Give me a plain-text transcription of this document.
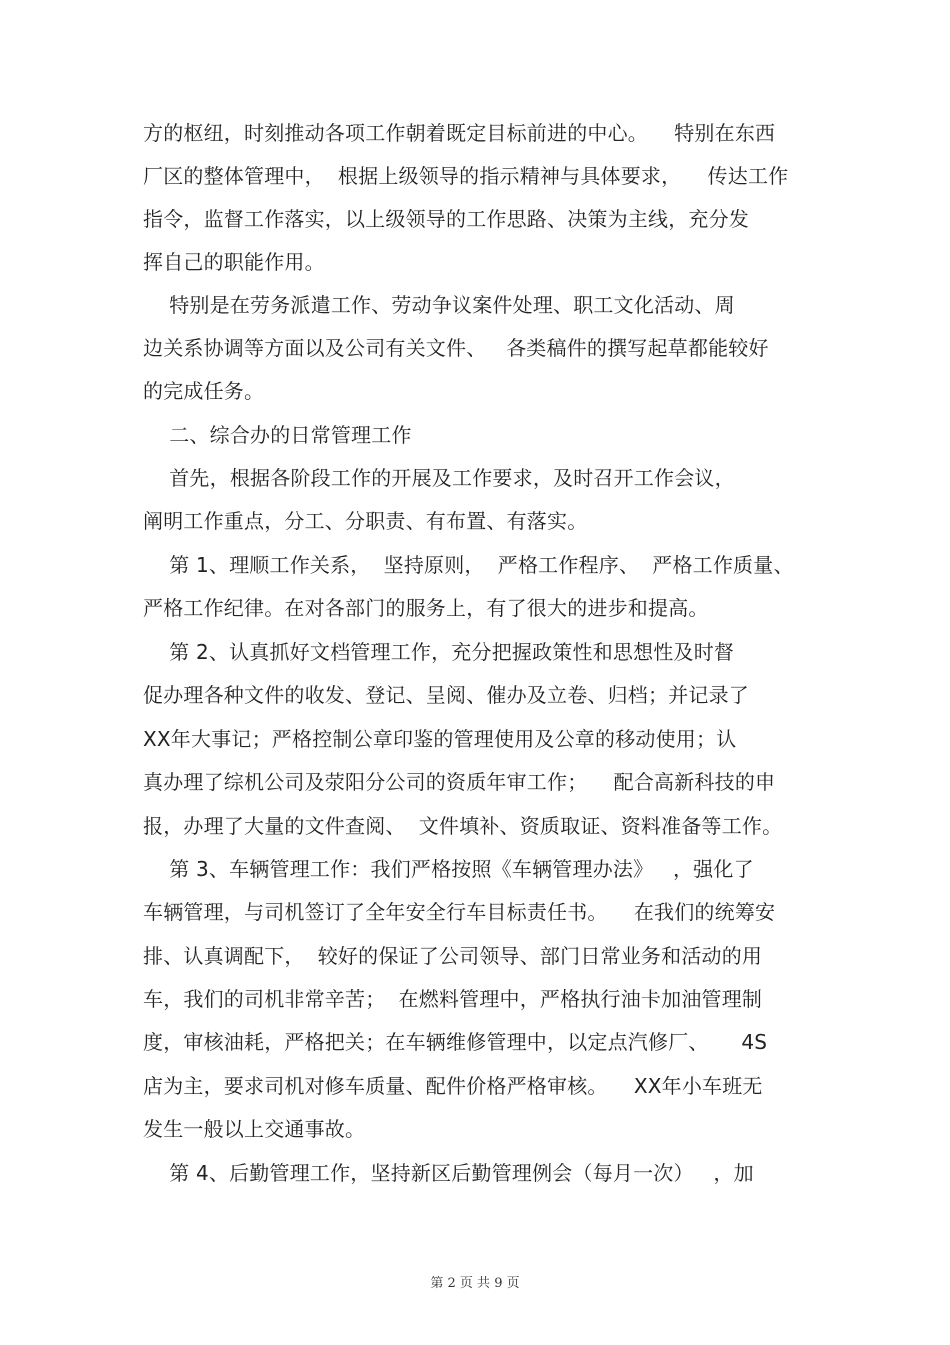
方的枢纽，时刻推动各项工作朝着既定目标前进的中心。    特别在东西
厂区的整体管理中，  根据上级领导的指示精神与具体要求，    传达工作
指令，监督工作落实，以上级领导的工作思路、决策为主线，充分发
挥自己的职能作用。
特别是在劳务派遣工作、劳动争议案件处理、职工文化活动、周
边关系协调等方面以及公司有关文件、   各类稿件的撰写起草都能较好
的完成任务。
二、综合办的日常管理工作
首先，根据各阶段工作的开展及工作要求，及时召开工作会议，
阐明工作重点，分工、分职责、有布置、有落实。
第 1、理顺工作关系，  坚持原则，  严格工作程序、  严格工作质量、
严格工作纪律。在对各部门的服务上，有了很大的进步和提高。
第 2、认真抓好文档管理工作，充分把握政策性和思想性及时督
促办理各种文件的收发、登记、呈阅、催办及立卷、归档；并记录了
XX年大事记；严格控制公章印鉴的管理使用及公章的移动使用；认
真办理了综机公司及荥阳分公司的资质年审工作；    配合高新科技的申
报，办理了大量的文件查阅、  文件填补、资质取证、资料准备等工作。
第 3、车辆管理工作：我们严格按照《车辆管理办法》   ，强化了
车辆管理，与司机签订了全年安全行车目标责任书。    在我们的统筹安
排、认真调配下，  较好的保证了公司领导、部门日常业务和活动的用
车，我们的司机非常辛苦；  在燃料管理中，严格执行油卡加油管理制
度，审核油耗，严格把关；在车辆维修管理中，以定点汽修厂、     4S
店为主，要求司机对修车质量、配件价格严格审核。    XX年小车班无
发生一般以上交通事故。
第 4、后勤管理工作，坚持新区后勤管理例会（每月一次）   ，加
第 2 页 共 9 页
